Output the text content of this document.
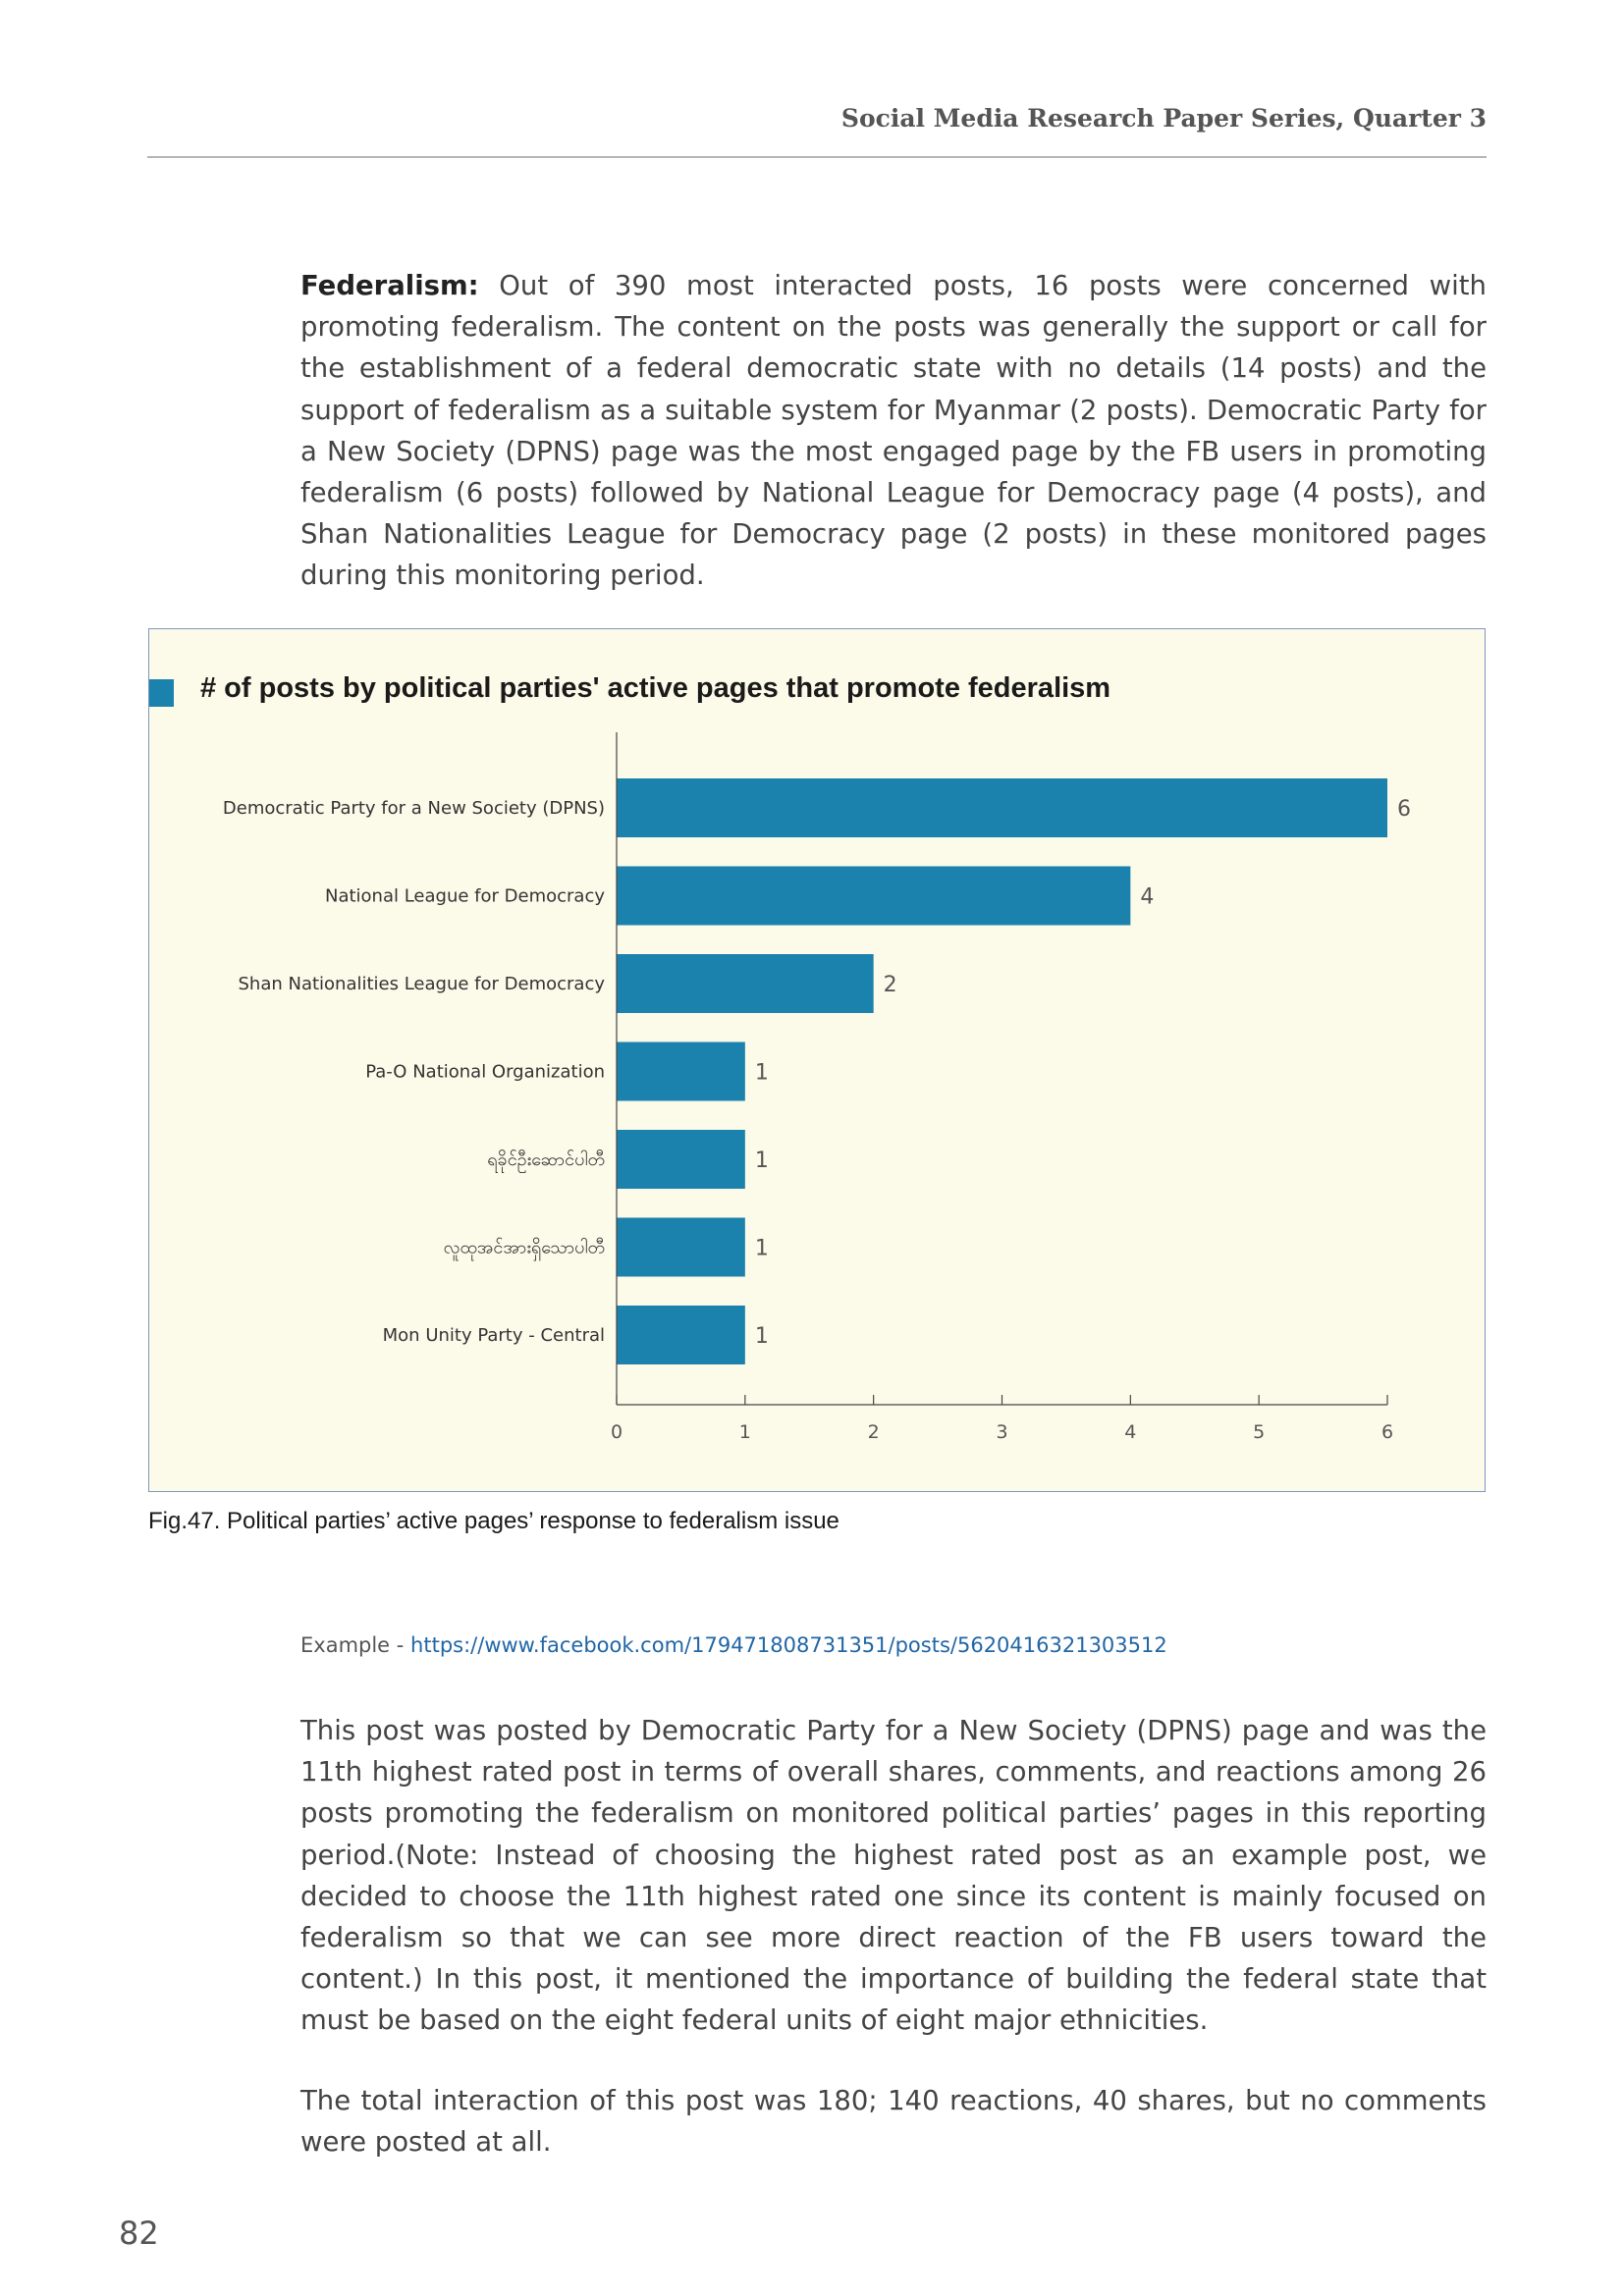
Social Media Research Paper Series, Quarter 3

Federalism: Out of 390 most interacted posts, 16 posts were concerned with promoting federalism. The content on the posts was generally the support or call for the establishment of a federal democratic state with no details (14 posts) and the support of federalism as a suitable system for Myanmar (2 posts). Democratic Party for a New Society (DPNS) page was the most engaged page by the FB users in promoting federalism (6 posts) followed by National League for Democracy page (4 posts), and Shan Nationalities League for Democracy page (2 posts) in these monitored pages during this monitoring period.

# of posts by political parties' active pages that promote federalism
Democratic Party for a New Society (DPNS)	6
National League for Democracy	4
Shan Nationalities League for Democracy	2
Pa-O National Organization	1
ရခိုင်ဦးဆောင်ပါတီ	1
လူထုအင်အားရှိသောပါတီ	1
Mon Unity Party - Central	1
0	1	2	3	4	5	6
Fig.47. Political parties’ active pages’ response to federalism issue
Example - https://www.facebook.com/179471808731351/posts/5620416321303512

This post was posted by Democratic Party for a New Society (DPNS) page and was the 11th highest rated post in terms of overall shares, comments, and reactions among 26 posts promoting the federalism on monitored political parties’ pages in this reporting period.(Note: Instead of choosing the highest rated post as an example post, we decided to choose the 11th highest rated one since its content is mainly focused on federalism so that we can see more direct reaction of the FB users toward the content.) In this post, it mentioned the importance of building the federal state that must be based on the eight federal units of eight major ethnicities.

The total interaction of this post was 180; 140 reactions, 40 shares, but no comments were posted at all.

82
